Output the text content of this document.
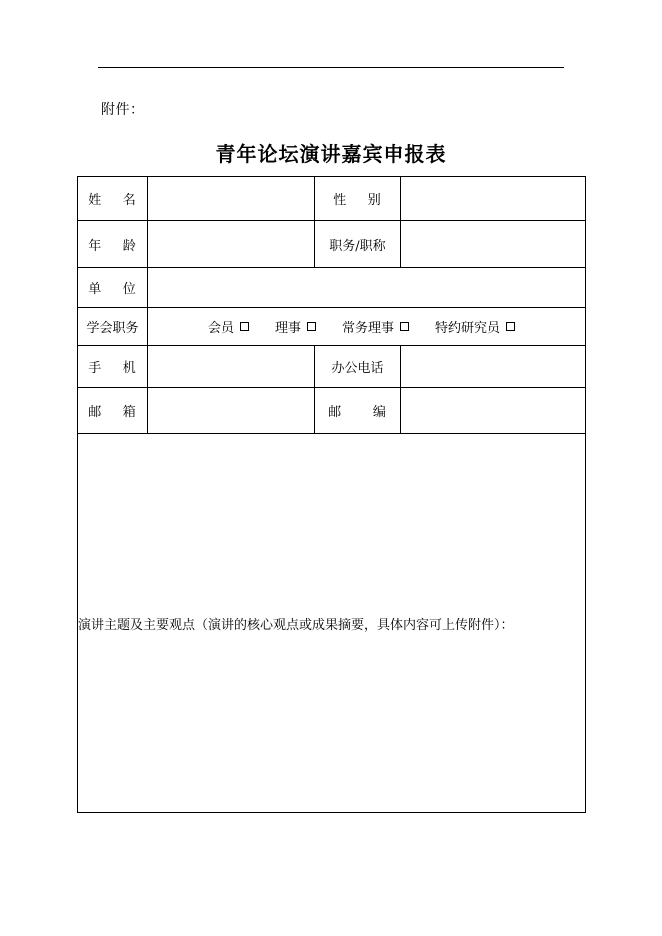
附件：
青年论坛演讲嘉宾申报表
姓    名		性    别	
年    龄		职务/职称	
单    位			
学会职务	会员 理事 常务理事 特约研究员		

手    机		办公电话	
邮    箱		邮      编	
演讲主题及主要观点（演讲的核心观点或成果摘要，具体内容可上传附件）：			
